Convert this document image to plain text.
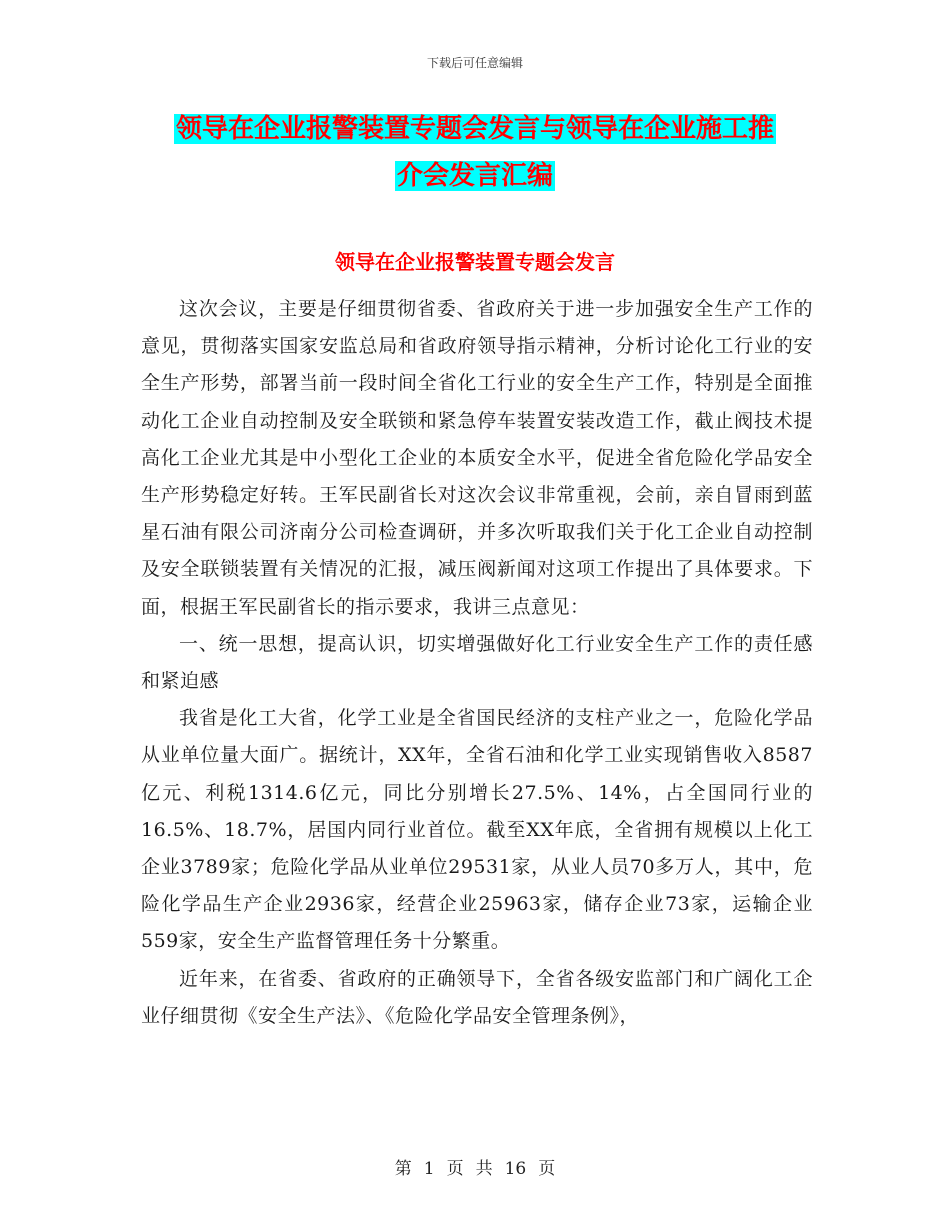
下载后可任意编辑
领导在企业报警装置专题会发言与领导在企业施工推
介会发言汇编
领导在企业报警装置专题会发言

这次会议，主要是仔细贯彻省委、省政府关于进一步加强安全生产工作的意见，贯彻落实国家安监总局和省政府领导指示精神，分析讨论化工行业的安全生产形势，部署当前一段时间全省化工行业的安全生产工作，特别是全面推动化工企业自动控制及安全联锁和紧急停车装置安装改造工作，截止阀技术提高化工企业尤其是中小型化工企业的本质安全水平，促进全省危险化学品安全生产形势稳定好转。王军民副省长对这次会议非常重视，会前，亲自冒雨到蓝星石油有限公司济南分公司检查调研，并多次听取我们关于化工企业自动控制及安全联锁装置有关情况的汇报，减压阀新闻对这项工作提出了具体要求。下面，根据王军民副省长的指示要求，我讲三点意见：

一、统一思想，提高认识，切实增强做好化工行业安全生产工作的责任感和紧迫感

我省是化工大省，化学工业是全省国民经济的支柱产业之一，危险化学品从业单位量大面广。据统计，XX年，全省石油和化学工业实现销售收入8587亿元、利税1314.6亿元，同比分别增长27.5%、14%，占全国同行业的16.5%、18.7%，居国内同行业首位。截至XX年底，全省拥有规模以上化工企业3789家；危险化学品从业单位29531家，从业人员70多万人，其中，危险化学品生产企业2936家，经营企业25963家，储存企业73家，运输企业559家，安全生产监督管理任务十分繁重。

近年来，在省委、省政府的正确领导下，全省各级安监部门和广阔化工企业仔细贯彻《安全生产法》、《危险化学品安全管理条例》，

第 1 页 共 16 页
